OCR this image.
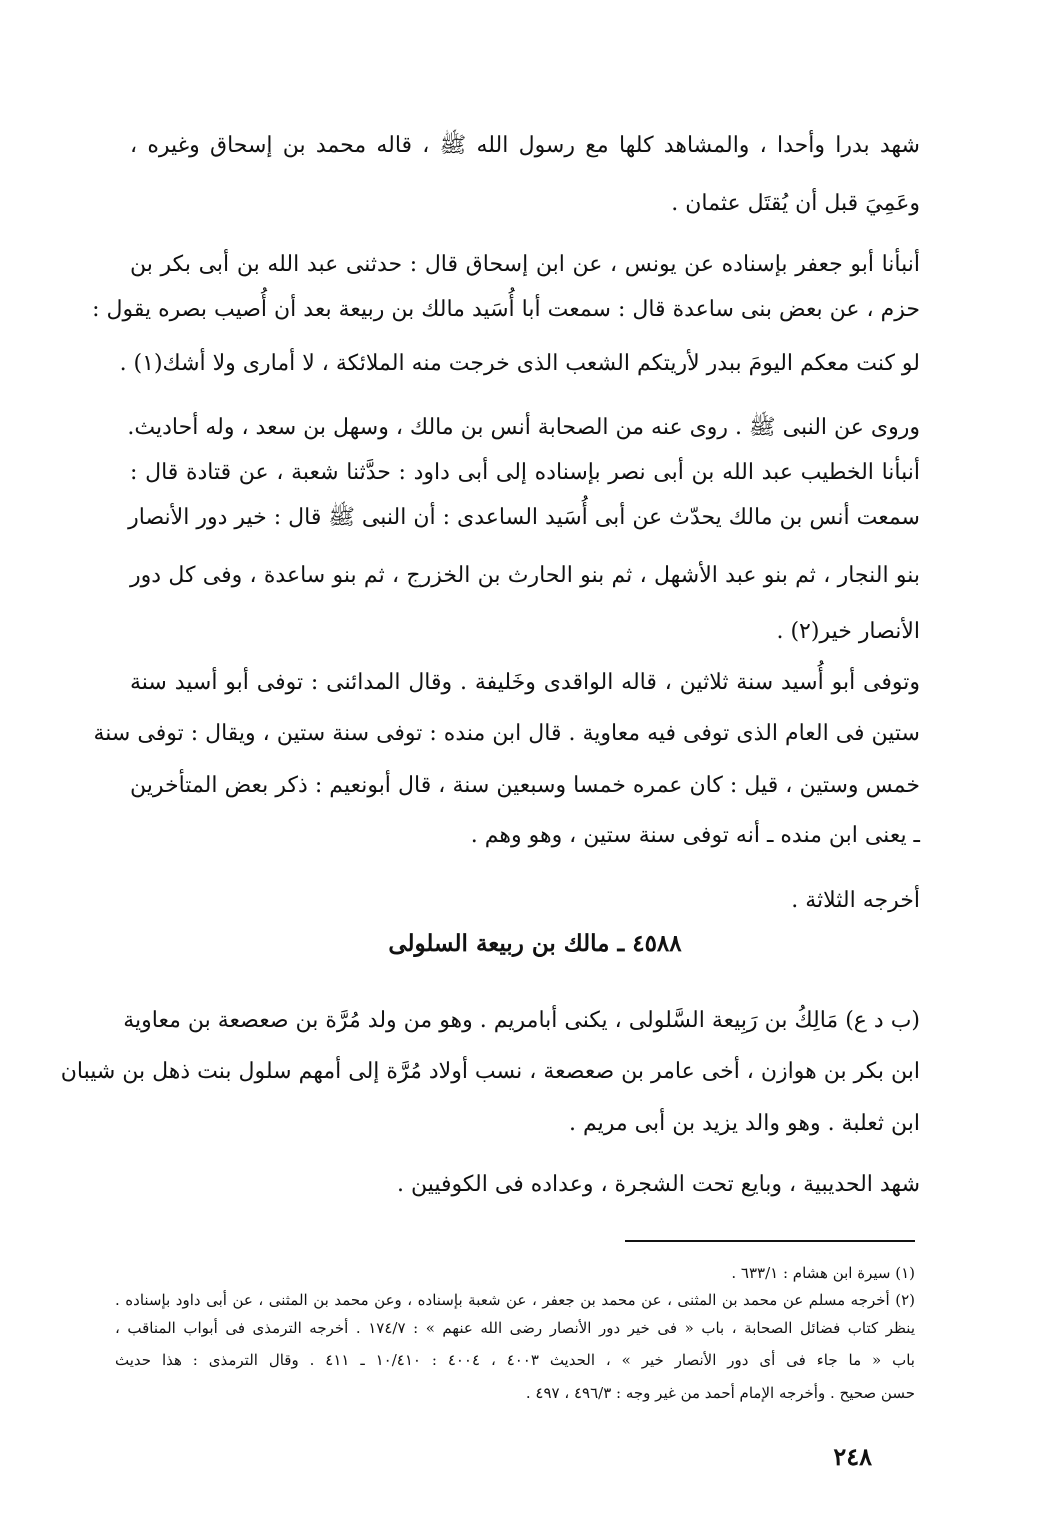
شهد بدرا وأحدا ، والمشاهد كلها مع رسول الله ﷺ ، قاله محمد بن إسحاق وغيره ،
وعَمِيَ قبل أن يُقتَل عثمان .
أنبأنا أبو جعفر بإسناده عن يونس ، عن ابن إسحاق قال : حدثنى عبد الله بن أبى بكر بن
حزم ، عن بعض بنى ساعدة قال : سمعت أبا أُسَيد مالك بن ربيعة بعد أن أُصيب بصره يقول :
لو كنت معكم اليومَ ببدر لأريتكم الشعب الذى خرجت منه الملائكة ، لا أمارى ولا أشك(١) .
وروى عن النبى ﷺ . روى عنه من الصحابة أنس بن مالك ، وسهل بن سعد ، وله أحاديث.
أنبأنا الخطيب عبد الله بن أبى نصر بإسناده إلى أبى داود : حدَّثنا شعبة ، عن قتادة قال :
سمعت أنس بن مالك يحدّث عن أبى أُسَيد الساعدى : أن النبى ﷺ قال : خير دور الأنصار
بنو النجار ، ثم بنو عبد الأشهل ، ثم بنو الحارث بن الخزرج ، ثم بنو ساعدة ، وفى كل دور
الأنصار خير(٢) .
وتوفى أبو أُسيد سنة ثلاثين ، قاله الواقدى وخَليفة . وقال المدائنى : توفى أبو أسيد سنة
ستين فى العام الذى توفى فيه معاوية . قال ابن منده : توفى سنة ستين ، ويقال : توفى سنة
خمس وستين ، قيل : كان عمره خمسا وسبعين سنة ، قال أبونعيم : ذكر بعض المتأخرين
ـ يعنى ابن منده ـ أنه توفى سنة ستين ، وهو وهم .
أخرجه الثلاثة .
٤٥٨٨ ـ مالك بن ربيعة السلولى
(ب د ع) مَالِكُ بن رَبِيعة السَّلولى ، يكنى أبامريم . وهو من ولد مُرَّة بن صعصعة بن معاوية
ابن بكر بن هوازن ، أخى عامر بن صعصعة ، نسب أولاد مُرَّة إلى أمهم سلول بنت ذهل بن شيبان
ابن ثعلبة . وهو والد يزيد بن أبى مريم .
شهد الحديبية ، وبايع تحت الشجرة ، وعداده فى الكوفيين .
(١) سيرة ابن هشام : ٦٣٣/١ .
(٢) أخرجه مسلم عن محمد بن المثنى ، عن محمد بن جعفر ، عن شعبة بإسناده ، وعن محمد بن المثنى ، عن أبى داود بإسناده .
ينظر كتاب فضائل الصحابة ، باب « فى خير دور الأنصار رضى الله عنهم » : ١٧٤/٧ . أخرجه الترمذى فى أبواب المناقب ،
باب « ما جاء فى أى دور الأنصار خير » ، الحديث ٤٠٠٣ ، ٤٠٠٤ : ١٠/٤١٠ ـ ٤١١ . وقال الترمذى : هذا حديث
حسن صحيح . وأخرجه الإمام أحمد من غير وجه : ٤٩٦/٣ ، ٤٩٧ .
٢٤٨
